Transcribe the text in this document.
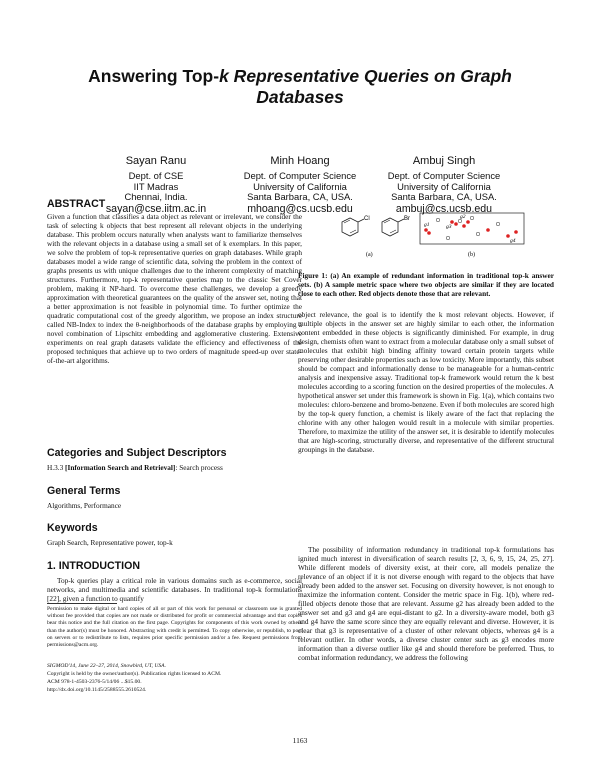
Answering Top-k Representative Queries on Graph
Databases
Sayan Ranu
Dept. of CSE
IIT Madras
Chennai, India.
sayan@cse.iitm.ac.in
Minh Hoang
Dept. of Computer Science
University of California
Santa Barbara, CA, USA.
mhoang@cs.ucsb.edu
Ambuj Singh
Dept. of Computer Science
University of California
Santa Barbara, CA, USA.
ambuj@cs.ucsb.edu
ABSTRACT

Given a function that classifies a data object as relevant or irrelevant, we consider the task of selecting k objects that best represent all relevant objects in the underlying database. This problem occurs naturally when analysts want to familiarize themselves with the relevant objects in a database using a small set of k exemplars. In this paper, we solve the problem of top-k representative queries on graph databases. While graph databases model a wide range of scientific data, solving the problem in the context of graphs presents us with unique challenges due to the inherent complexity of matching structures. Furthermore, top-k representative queries map to the classic Set Cover problem, making it NP-hard. To overcome these challenges, we develop a greedy approximation with theoretical guarantees on the quality of the answer set, noting that a better approximation is not feasible in polynomial time. To further optimize the quadratic computational cost of the greedy algorithm, we propose an index structure called NB-Index to index the θ-neighborhoods of the database graphs by employing a novel combination of Lipschitz embedding and agglomerative clustering. Extensive experiments on real graph datasets validate the efficiency and effectiveness of the proposed techniques that achieve up to two orders of magnitude speed-up over state-of-the-art algorithms.

Categories and Subject Descriptors

H.3.3 [Information Search and Retrieval]: Search process

General Terms

Algorithms, Performance

Keywords

Graph Search, Representative power, top-k

1. INTRODUCTION

Top-k queries play a critical role in various domains such as e-commerce, social networks, and multimedia and scientific databases. In traditional top-k formulations [22], given a function to quantify

Permission to make digital or hard copies of all or part of this work for personal or classroom use is granted without fee provided that copies are not made or distributed for profit or commercial advantage and that copies bear this notice and the full citation on the first page. Copyrights for components of this work owned by others than the author(s) must be honored. Abstracting with credit is permitted. To copy otherwise, or republish, to post on servers or to redistribute to lists, requires prior specific permission and/or a fee. Request permissions from permissions@acm.org.

SIGMOD'14, June 22–27, 2014, Snowbird, UT, USA.

Copyright is held by the owner/author(s). Publication rights licensed to ACM.

ACM 978-1-4503-2376-5/14/06 ...$15.00.

http://dx.doi.org/10.1145/2588555.2610524.

Cl	Br
(a)
g1
g2
g3
g4
(b)
Figure 1: (a) An example of redundant information in traditional top-k answer sets. (b) A sample metric space where two objects are similar if they are located close to each other. Red objects denote those that are relevant.

object relevance, the goal is to identify the k most relevant objects. However, if multiple objects in the answer set are highly similar to each other, the information content embedded in these objects is significantly diminished. For example, in drug design, chemists often want to extract from a molecular database only a small subset of molecules that exhibit high binding affinity toward certain protein targets while preserving other desirable properties such as low toxicity. More importantly, this subset should be compact and informationally dense to be manageable for a human-centric analysis and inexpensive assay. Traditional top-k framework would return the k best molecules according to a scoring function on the desired properties of the molecules. A hypothetical answer set under this framework is shown in Fig. 1(a), which contains two molecules: chloro-benzene and bromo-benzene. Even if both molecules are scored high by the top-k query function, a chemist is likely aware of the fact that replacing the chlorine with any other halogen would result in a molecule with similar properties. Therefore, to maximize the utility of the answer set, it is desirable to identify molecules that are high-scoring, structurally diverse, and representative of the different structural groupings in the database.

The possibility of information redundancy in traditional top-k formulations has ignited much interest in diversification of search results [2, 3, 6, 9, 15, 24, 25, 27]. While different models of diversity exist, at their core, all models penalize the relevance of an object if it is not diverse enough with regard to the objects that have already been added to the answer set. Focusing on diversity however, is not enough to maximize the information content. Consider the metric space in Fig. 1(b), where red-filled objects denote those that are relevant. Assume g2 has already been added to the answer set and g3 and g4 are equi-distant to g2. In a diversity-aware model, both g3 and g4 have the same score since they are equally relevant and diverse. However, it is clear that g3 is representative of a cluster of other relevant objects, whereas g4 is a relevant outlier. In other words, a diverse cluster center such as g3 encodes more information than a diverse outlier like g4 and should therefore be preferred. Thus, to combat information redundancy, we address the following

1163
